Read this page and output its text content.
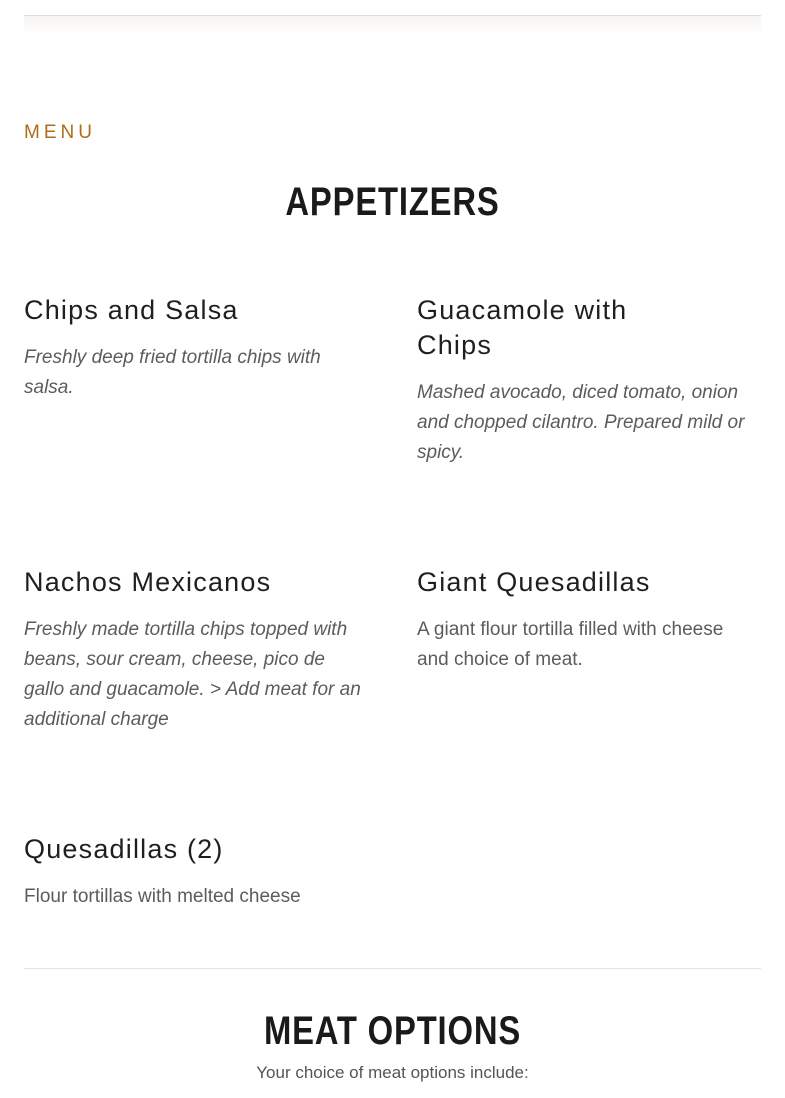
MENU
APPETIZERS
Chips and Salsa
Freshly deep fried tortilla chips with salsa.
Guacamole with
Chips
Mashed avocado, diced tomato, onion and chopped cilantro. Prepared mild or spicy.
Nachos Mexicanos
Freshly made tortilla chips topped with beans, sour cream, cheese, pico de gallo and guacamole. > Add meat for an additional charge
Giant Quesadillas
A giant flour tortilla filled with cheese and choice of meat.
Quesadillas (2)
Flour tortillas with melted cheese
MEAT OPTIONS
Your choice of meat options include:
